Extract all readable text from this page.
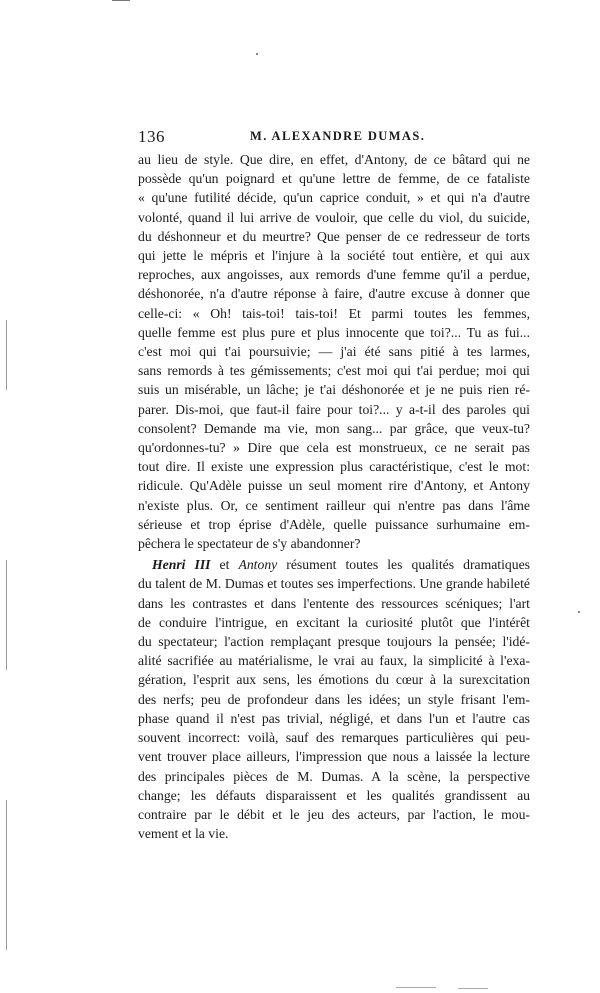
136	M. ALEXANDRE DUMAS.

au lieu de style. Que dire, en effet, d'Antony, de ce bâtard qui ne
possède qu'un poignard et qu'une lettre de femme, de ce fataliste
« qu'une futilité décide, qu'un caprice conduit, » et qui n'a d'autre
volonté, quand il lui arrive de vouloir, que celle du viol, du suicide,
du déshonneur et du meurtre? Que penser de ce redresseur de torts
qui jette le mépris et l'injure à la société tout entière, et qui aux
reproches, aux angoisses, aux remords d'une femme qu'il a perdue,
déshonorée, n'a d'autre réponse à faire, d'autre excuse à donner que
celle-ci: « Oh! tais-toi! tais-toi! Et parmi toutes les femmes,
quelle femme est plus pure et plus innocente que toi?... Tu as fui...
c'est moi qui t'ai poursuivie; — j'ai été sans pitié à tes larmes,
sans remords à tes gémissements; c'est moi qui t'ai perdue; moi qui
suis un misérable, un lâche; je t'ai déshonorée et je ne puis rien ré-
parer. Dis-moi, que faut-il faire pour toi?... y a-t-il des paroles qui
consolent? Demande ma vie, mon sang... par grâce, que veux-tu?
qu'ordonnes-tu? » Dire que cela est monstrueux, ce ne serait pas
tout dire. Il existe une expression plus caractéristique, c'est le mot:
ridicule. Qu'Adèle puisse un seul moment rire d'Antony, et Antony
n'existe plus. Or, ce sentiment railleur qui n'entre pas dans l'âme
sérieuse et trop éprise d'Adèle, quelle puissance surhumaine em-
pêchera le spectateur de s'y abandonner?

Henri III et Antony résument toutes les qualités dramatiques
du talent de M. Dumas et toutes ses imperfections. Une grande habileté
dans les contrastes et dans l'entente des ressources scéniques; l'art
de conduire l'intrigue, en excitant la curiosité plutôt que l'intérêt
du spectateur; l'action remplaçant presque toujours la pensée; l'idé-
alité sacrifiée au matérialisme, le vrai au faux, la simplicité à l'exa-
gération, l'esprit aux sens, les émotions du cœur à la surexcitation
des nerfs; peu de profondeur dans les idées; un style frisant l'em-
phase quand il n'est pas trivial, négligé, et dans l'un et l'autre cas
souvent incorrect: voilà, sauf des remarques particulières qui peu-
vent trouver place ailleurs, l'impression que nous a laissée la lecture
des principales pièces de M. Dumas. A la scène, la perspective
change; les défauts disparaissent et les qualités grandissent au
contraire par le débit et le jeu des acteurs, par l'action, le mou-
vement et la vie.
